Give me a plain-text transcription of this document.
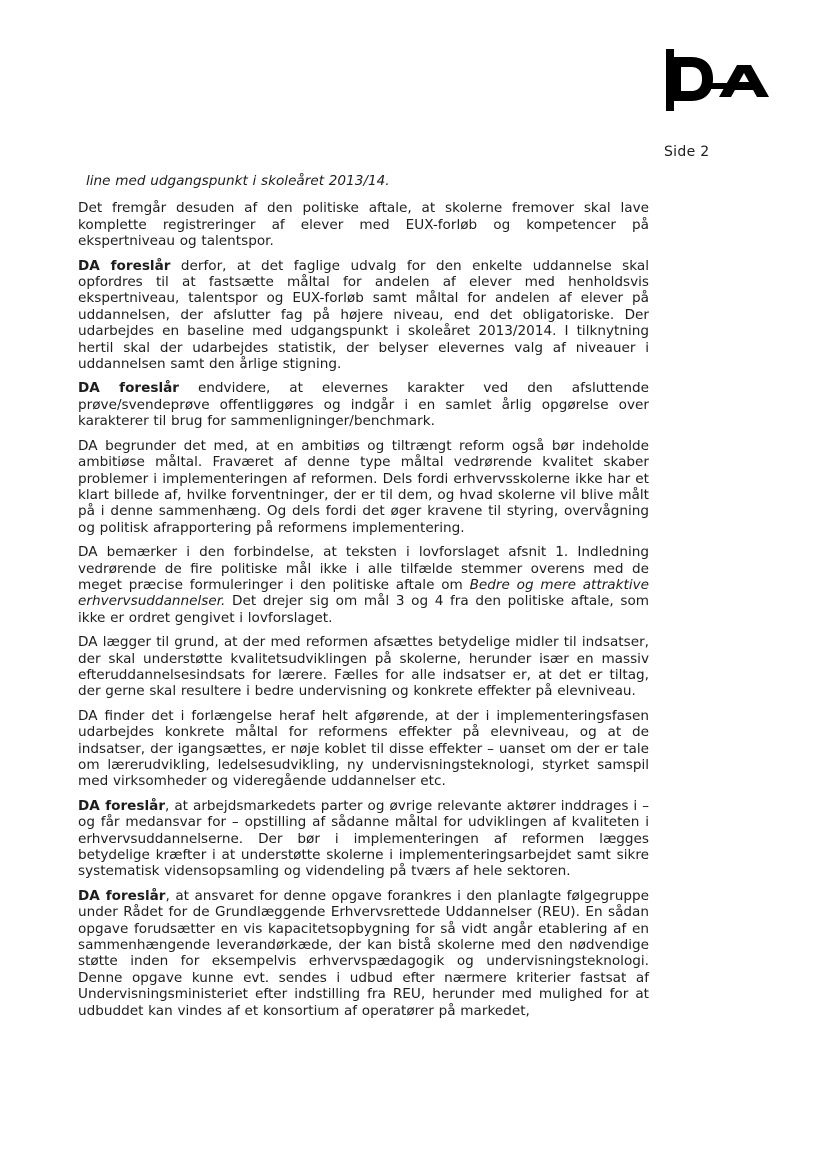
Side 2

line med udgangspunkt i skoleåret 2013/14.

Det fremgår desuden af den politiske aftale, at skolerne fremover skal lave komplette registreringer af elever med EUX-forløb og kompetencer på ekspertniveau og talentspor.

DA foreslår derfor, at det faglige udvalg for den enkelte uddannelse skal opfordres til at fastsætte måltal for andelen af elever med henholdsvis ekspertniveau, talentspor og EUX-forløb samt måltal for andelen af elever på uddannelsen, der afslutter fag på højere niveau, end det obligatoriske. Der udarbejdes en baseline med udgangspunkt i skoleåret 2013/2014. I tilknytning hertil skal der udarbejdes statistik, der belyser elevernes valg af niveauer i uddannelsen samt den årlige stigning.

DA foreslår endvidere, at elevernes karakter ved den afsluttende prøve/svendeprøve offentliggøres og indgår i en samlet årlig opgørelse over karakterer til brug for sammenligninger/benchmark.

DA begrunder det med, at en ambitiøs og tiltrængt reform også bør indeholde ambitiøse måltal. Fraværet af denne type måltal vedrørende kvalitet skaber problemer i implementeringen af reformen. Dels fordi erhvervsskolerne ikke har et klart billede af, hvilke forventninger, der er til dem, og hvad skolerne vil blive målt på i denne sammenhæng. Og dels fordi det øger kravene til styring, overvågning og politisk afrapportering på reformens implementering.

DA bemærker i den forbindelse, at teksten i lovforslaget afsnit 1. Indledning vedrørende de fire politiske mål ikke i alle tilfælde stemmer overens med de meget præcise formuleringer i den politiske aftale om Bedre og mere attraktive erhvervsuddannelser. Det drejer sig om mål 3 og 4 fra den politiske aftale, som ikke er ordret gengivet i lovforslaget.

DA lægger til grund, at der med reformen afsættes betydelige midler til indsatser, der skal understøtte kvalitetsudviklingen på skolerne, herunder især en massiv efteruddannelsesindsats for lærere. Fælles for alle indsatser er, at det er tiltag, der gerne skal resultere i bedre undervisning og konkrete effekter på elevniveau.

DA finder det i forlængelse heraf helt afgørende, at der i implementeringsfasen udarbejdes konkrete måltal for reformens effekter på elevniveau, og at de indsatser, der igangsættes, er nøje koblet til disse effekter – uanset om der er tale om lærerudvikling, ledelsesudvikling, ny undervisningsteknologi, styrket samspil med virksomheder og videregående uddannelser etc.

DA foreslår, at arbejdsmarkedets parter og øvrige relevante aktører inddrages i – og får medansvar for – opstilling af sådanne måltal for udviklingen af kvaliteten i erhvervsuddannelserne. Der bør i implementeringen af reformen lægges betydelige kræfter i at understøtte skolerne i implementeringsarbejdet samt sikre systematisk vidensopsamling og videndeling på tværs af hele sektoren.

DA foreslår, at ansvaret for denne opgave forankres i den planlagte følgegruppe under Rådet for de Grundlæggende Erhvervsrettede Uddannelser (REU). En sådan opgave forudsætter en vis kapacitetsopbygning for så vidt angår etablering af en sammenhængende leverandørkæde, der kan bistå skolerne med den nødvendige støtte inden for eksempelvis erhvervspædagogik og undervisningsteknologi. Denne opgave kunne evt. sendes i udbud efter nærmere kriterier fastsat af Undervisningsministeriet efter indstilling fra REU, herunder med mulighed for at udbuddet kan vindes af et konsortium af operatører på markedet,
